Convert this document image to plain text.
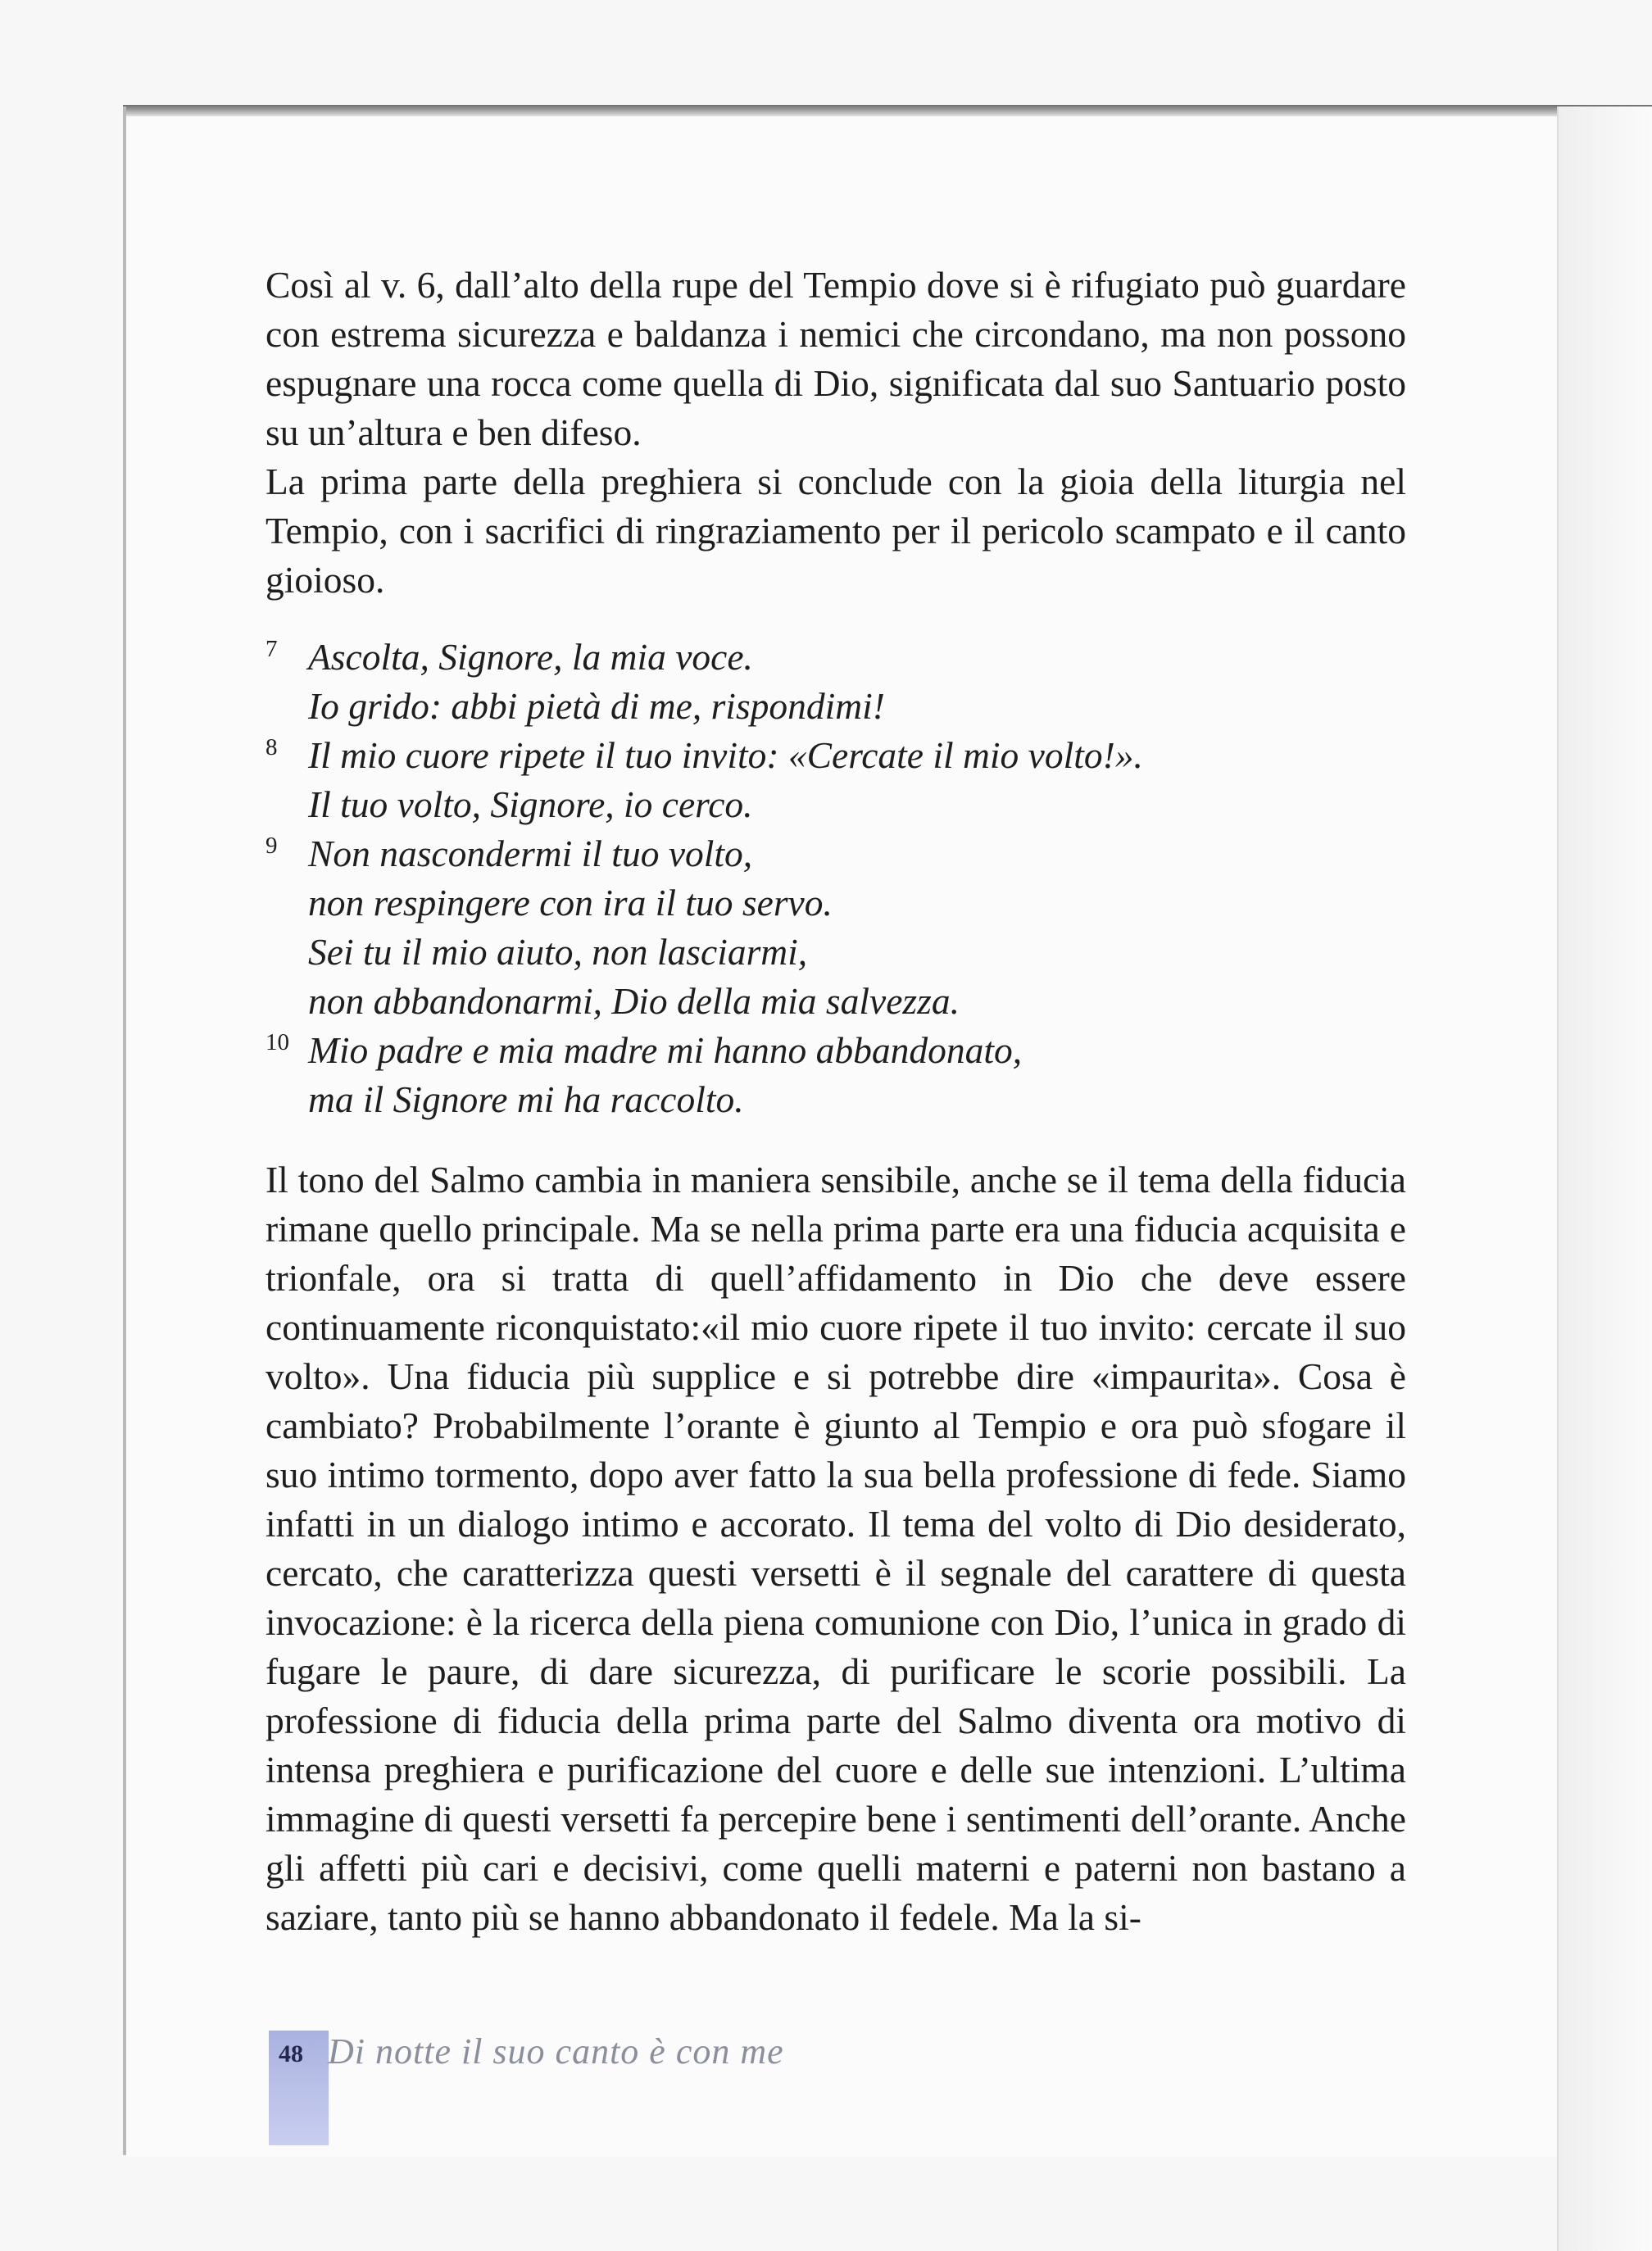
Così al v. 6, dall’alto della rupe del Tempio dove si è rifugiato può guardare con estrema sicurezza e baldanza i nemici che circondano, ma non possono espugnare una rocca come quella di Dio, significata dal suo Santuario posto su un’altura e ben difeso.

La prima parte della preghiera si conclude con la gioia della liturgia nel Tempio, con i sacrifici di ringraziamento per il pericolo scampato e il canto gioioso.

7 Ascolta, Signore, la mia voce.
Io grido: abbi pietà di me, rispondimi!
8 Il mio cuore ripete il tuo invito: «Cercate il mio volto!».
Il tuo volto, Signore, io cerco.
9 Non nascondermi il tuo volto,
non respingere con ira il tuo servo.
Sei tu il mio aiuto, non lasciarmi,
non abbandonarmi, Dio della mia salvezza.
10 Mio padre e mia madre mi hanno abbandonato,
ma il Signore mi ha raccolto.

Il tono del Salmo cambia in maniera sensibile, anche se il tema della fiducia rimane quello principale. Ma se nella prima parte era una fiducia acquisita e trionfale, ora si tratta di quell’affidamento in Dio che deve essere continuamente riconquistato:«il mio cuore ripete il tuo invito: cercate il suo volto». Una fiducia più supplice e si potrebbe dire «impaurita». Cosa è cambiato? Probabilmente l’orante è giunto al Tempio e ora può sfogare il suo intimo tormento, dopo aver fatto la sua bella professione di fede. Siamo infatti in un dialogo intimo e accorato. Il tema del volto di Dio desiderato, cercato, che caratterizza questi versetti è il segnale del carattere di questa invocazione: è la ricerca della piena comunione con Dio, l’unica in grado di fugare le paure, di dare sicurezza, di purificare le scorie possibili. La professione di fiducia della prima parte del Salmo diventa ora motivo di intensa preghiera e purificazione del cuore e delle sue intenzioni. L’ultima immagine di questi versetti fa percepire bene i sentimenti dell’orante. Anche gli affetti più cari e decisivi, come quelli materni e paterni non bastano a saziare, tanto più se hanno abbandonato il fedele. Ma la si-

48 Di notte il suo canto è con me
